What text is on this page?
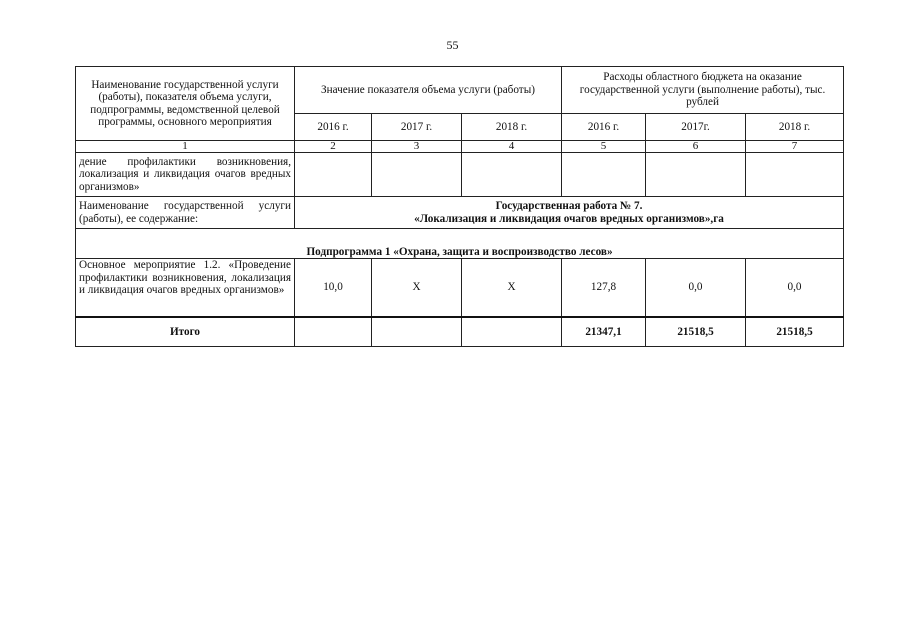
55
Наименование государственной услуги (работы), показателя объема услуги, подпрограммы, ведомственной целевой программы, основного мероприятия	Значение показателя объема услуги (работы)			Расходы областного бюджета на оказание государственной услуги (выполнение работы), тыс. рублей		
	2016 г.	2017 г.	2018 г.	2016 г.	2017г.	2018 г.
1	2	3	4	5	6	7
дение профилактики возникновения, локализация и ликвидация очагов вредных организмов»						
Наименование государственной услуги (работы), ее содержание:	Государственная работа № 7.
«Локализация и ликвидация очагов вредных организмов»,га					

Подпрограмма 1 «Охрана, защита и воспроизводство лесов»						
Основное мероприятие 1.2. «Проведение профилактики возникновения, локализация и ликвидация очагов вредных организмов»	10,0	Х	Х	127,8	0,0	0,0
Итого				21347,1	21518,5	21518,5
